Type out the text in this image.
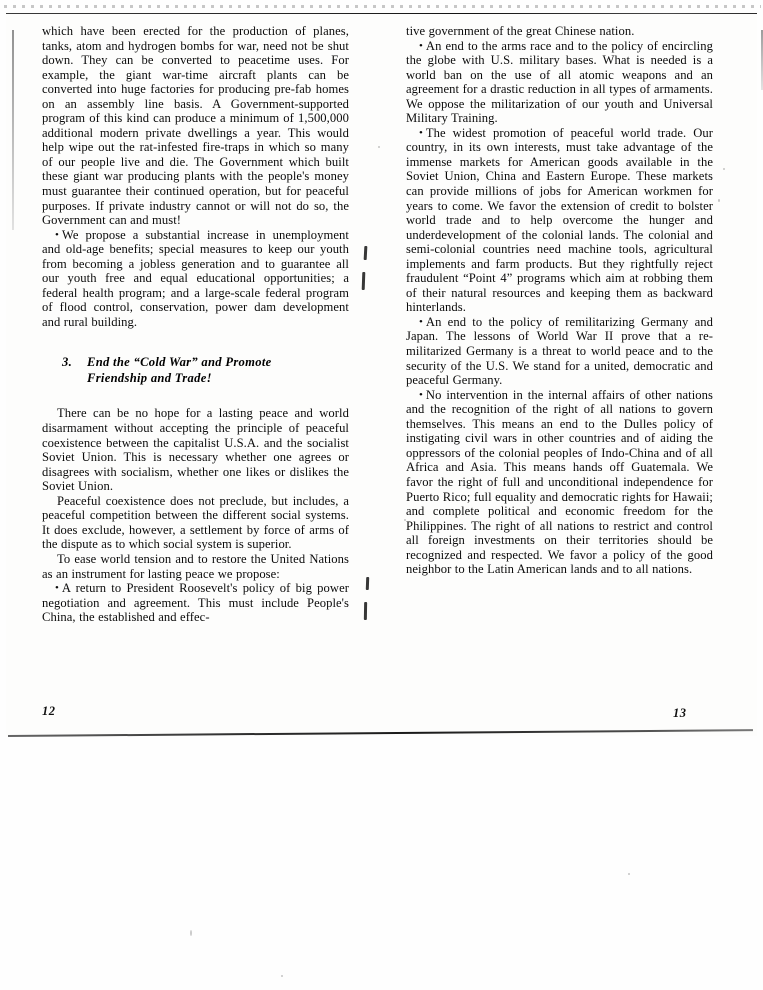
which have been erected for the production of planes, tanks, atom and hydrogen bombs for war, need not be shut down. They can be converted to peacetime uses. For example, the giant war-time aircraft plants can be converted into huge factories for producing pre-fab homes on an assembly line basis. A Government-supported program of this kind can produce a minimum of 1,500,000 additional modern private dwellings a year. This would help wipe out the rat-infested fire-traps in which so many of our people live and die. The Government which built these giant war producing plants with the people's money must guarantee their continued operation, but for peaceful purposes. If private industry cannot or will not do so, the Government can and must!

• We propose a substantial increase in unemployment and old-age benefits; special measures to keep our youth from becoming a jobless generation and to guarantee all our youth free and equal educational opportunities; a federal health program; and a large-scale federal program of flood control, conservation, power dam development and rural building.

3. End the “Cold War” and Promote
Friendship and Trade!

There can be no hope for a lasting peace and world disarmament without accepting the principle of peaceful coexistence between the capitalist U.S.A. and the socialist Soviet Union. This is necessary whether one agrees or disagrees with socialism, whether one likes or dislikes the Soviet Union.

Peaceful coexistence does not preclude, but includes, a peaceful competition between the different social systems. It does exclude, however, a settlement by force of arms of the dispute as to which social system is superior.

To ease world tension and to restore the United Nations as an instrument for lasting peace we propose:

• A return to President Roosevelt's policy of big power negotiation and agreement. This must include People's China, the established and effec-

tive government of the great Chinese nation.

• An end to the arms race and to the policy of encircling the globe with U.S. military bases. What is needed is a world ban on the use of all atomic weapons and an agreement for a drastic reduction in all types of armaments. We oppose the militarization of our youth and Universal Military Training.

• The widest promotion of peaceful world trade. Our country, in its own interests, must take advantage of the immense markets for American goods available in the Soviet Union, China and Eastern Europe. These markets can provide millions of jobs for American workmen for years to come. We favor the extension of credit to bolster world trade and to help overcome the hunger and underdevelopment of the colonial lands. The colonial and semi-colonial countries need machine tools, agricultural implements and farm products. But they rightfully reject fraudulent “Point 4” programs which aim at robbing them of their natural resources and keeping them as backward hinterlands.

• An end to the policy of remilitarizing Germany and Japan. The lessons of World War II prove that a re-militarized Germany is a threat to world peace and to the security of the U.S. We stand for a united, democratic and peaceful Germany.

• No intervention in the internal affairs of other nations and the recognition of the right of all nations to govern themselves. This means an end to the Dulles policy of instigating civil wars in other countries and of aiding the oppressors of the colonial peoples of Indo-China and of all Africa and Asia. This means hands off Guatemala. We favor the right of full and unconditional independence for Puerto Rico; full equality and democratic rights for Hawaii; and complete political and economic freedom for the Philippines. The right of all nations to restrict and control all foreign investments on their territories should be recognized and respected. We favor a policy of the good neighbor to the Latin American lands and to all nations.

12	13
